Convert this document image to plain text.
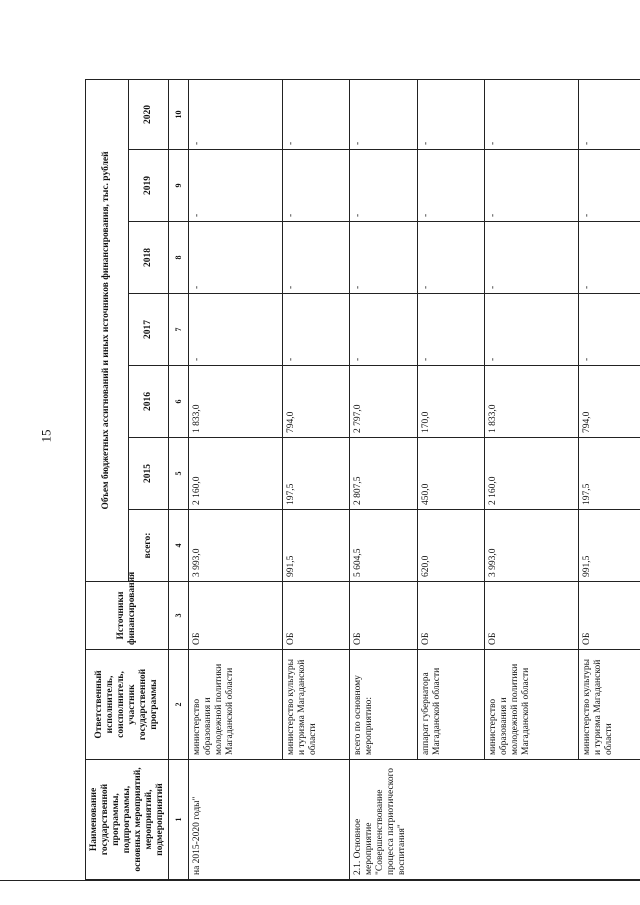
15
Наименование государственной программы, подпрограммы, основных мероприятий, мероприятий, подмероприятий	Ответственный исполнитель, соисполнитель, участник государственной программы	Источники финансирования	Объем бюджетных ассигнований и иных источников финансирования, тыс. рублей						
			всего:	2015	2016	2017	2018	2019	2020
1	2	3	4	5	6	7	8	9	10
на 2015-2020 годы"	министерство образования и молодежной политики Магаданской области	ОБ	3 993,0	2 160,0	1 833,0	-	-	-	-
	министерство культуры и туризма Магаданской области	ОБ	991,5	197,5	794,0	-	-	-	-
2.1. Основное мероприятие "Совершенствование процесса патриотического воспитания"	всего по основному мероприятию:	ОБ	5 604,5	2 807,5	2 797,0	-	-	-	-
	аппарат губернатора Магаданской области	ОБ	620,0	450,0	170,0	-	-	-	-
	министерство образования и молодежной политики Магаданской области	ОБ	3 993,0	2 160,0	1 833,0	-	-	-	-
	министерство культуры и туризма Магаданской области	ОБ	991,5	197,5	794,0	-	-	-	-
